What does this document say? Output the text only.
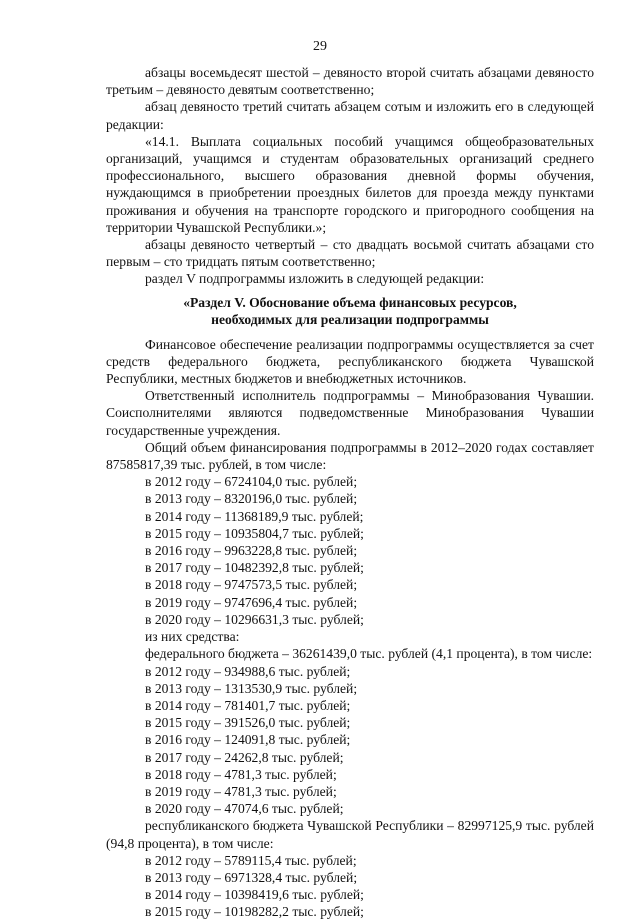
29

абзацы восемьдесят шестой – девяносто второй считать абзацами девяносто третьим – девяносто девятым соответственно;

абзац девяносто третий считать абзацем сотым и изложить его в следующей редакции:

«14.1. Выплата социальных пособий учащимся общеобразовательных организаций, учащимся и студентам образовательных организаций среднего профессионального, высшего образования дневной формы обучения, нуждающимся в приобретении проездных билетов для проезда между пунктами проживания и обучения на транспорте городского и пригородного сообщения на территории Чувашской Республики.»;

абзацы девяносто четвертый – сто двадцать восьмой считать абзацами сто первым – сто тридцать пятым соответственно;

раздел V подпрограммы изложить в следующей редакции:

«Раздел V. Обоснование объема финансовых ресурсов,
необходимых для реализации подпрограммы

Финансовое обеспечение реализации подпрограммы осуществляется за счет средств федерального бюджета, республиканского бюджета Чувашской Республики, местных бюджетов и внебюджетных источников.

Ответственный исполнитель подпрограммы – Минобразования Чувашии. Соисполнителями являются подведомственные Минобразования Чувашии государственные учреждения.

Общий объем финансирования подпрограммы в 2012–2020 годах составляет 87585817,39 тыс. рублей, в том числе:

в 2012 году – 6724104,0 тыс. рублей;

в 2013 году – 8320196,0 тыс. рублей;

в 2014 году – 11368189,9 тыс. рублей;

в 2015 году – 10935804,7 тыс. рублей;

в 2016 году – 9963228,8 тыс. рублей;

в 2017 году – 10482392,8 тыс. рублей;

в 2018 году – 9747573,5 тыс. рублей;

в 2019 году – 9747696,4 тыс. рублей;

в 2020 году – 10296631,3 тыс. рублей;

из них средства:

федерального бюджета – 36261439,0 тыс. рублей (4,1 процента), в том числе:

в 2012 году – 934988,6 тыс. рублей;

в 2013 году – 1313530,9 тыс. рублей;

в 2014 году – 781401,7 тыс. рублей;

в 2015 году – 391526,0 тыс. рублей;

в 2016 году – 124091,8 тыс. рублей;

в 2017 году – 24262,8 тыс. рублей;

в 2018 году – 4781,3 тыс. рублей;

в 2019 году – 4781,3 тыс. рублей;

в 2020 году – 47074,6 тыс. рублей;

республиканского бюджета Чувашской Республики – 82997125,9 тыс. рублей (94,8 процента), в том числе:

в 2012 году – 5789115,4 тыс. рублей;

в 2013 году – 6971328,4 тыс. рублей;

в 2014 году – 10398419,6 тыс. рублей;

в 2015 году – 10198282,2 тыс. рублей;
